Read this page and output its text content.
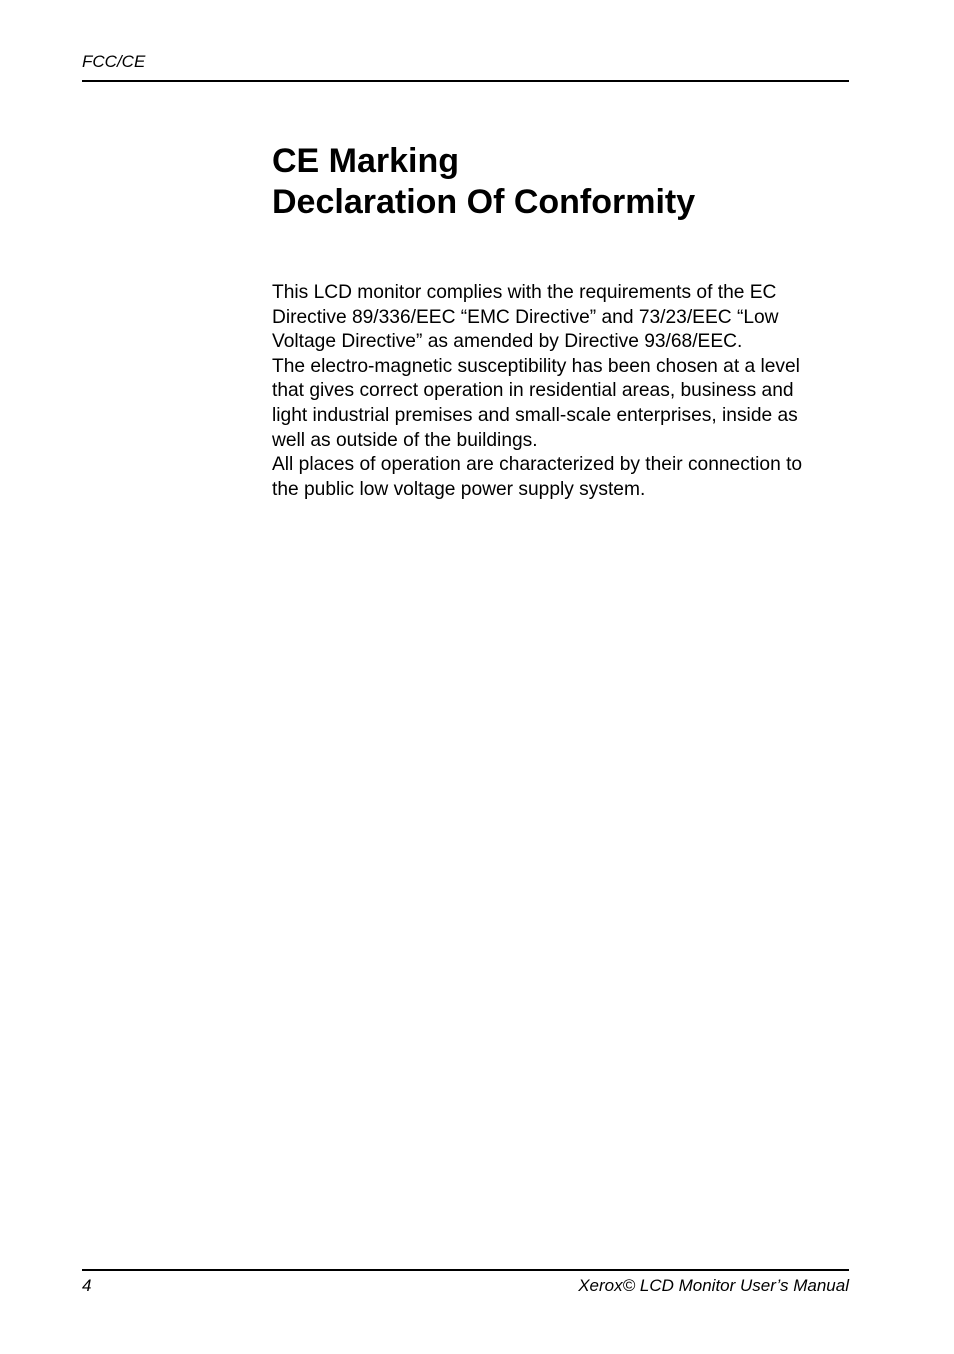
FCC/CE
CE Marking
Declaration Of Conformity

This LCD monitor complies with the requirements of the EC Directive 89/336/EEC “EMC Directive” and 73/23/EEC “Low Voltage Directive” as amended by Directive 93/68/EEC.
The electro-magnetic susceptibility has been chosen at a level that gives correct operation in residential areas, business and light industrial premises and small-scale enterprises, inside as well as outside of the buildings.
All places of operation are characterized by their connection to the public low voltage power supply system.

4	Xerox© LCD Monitor User’s Manual
